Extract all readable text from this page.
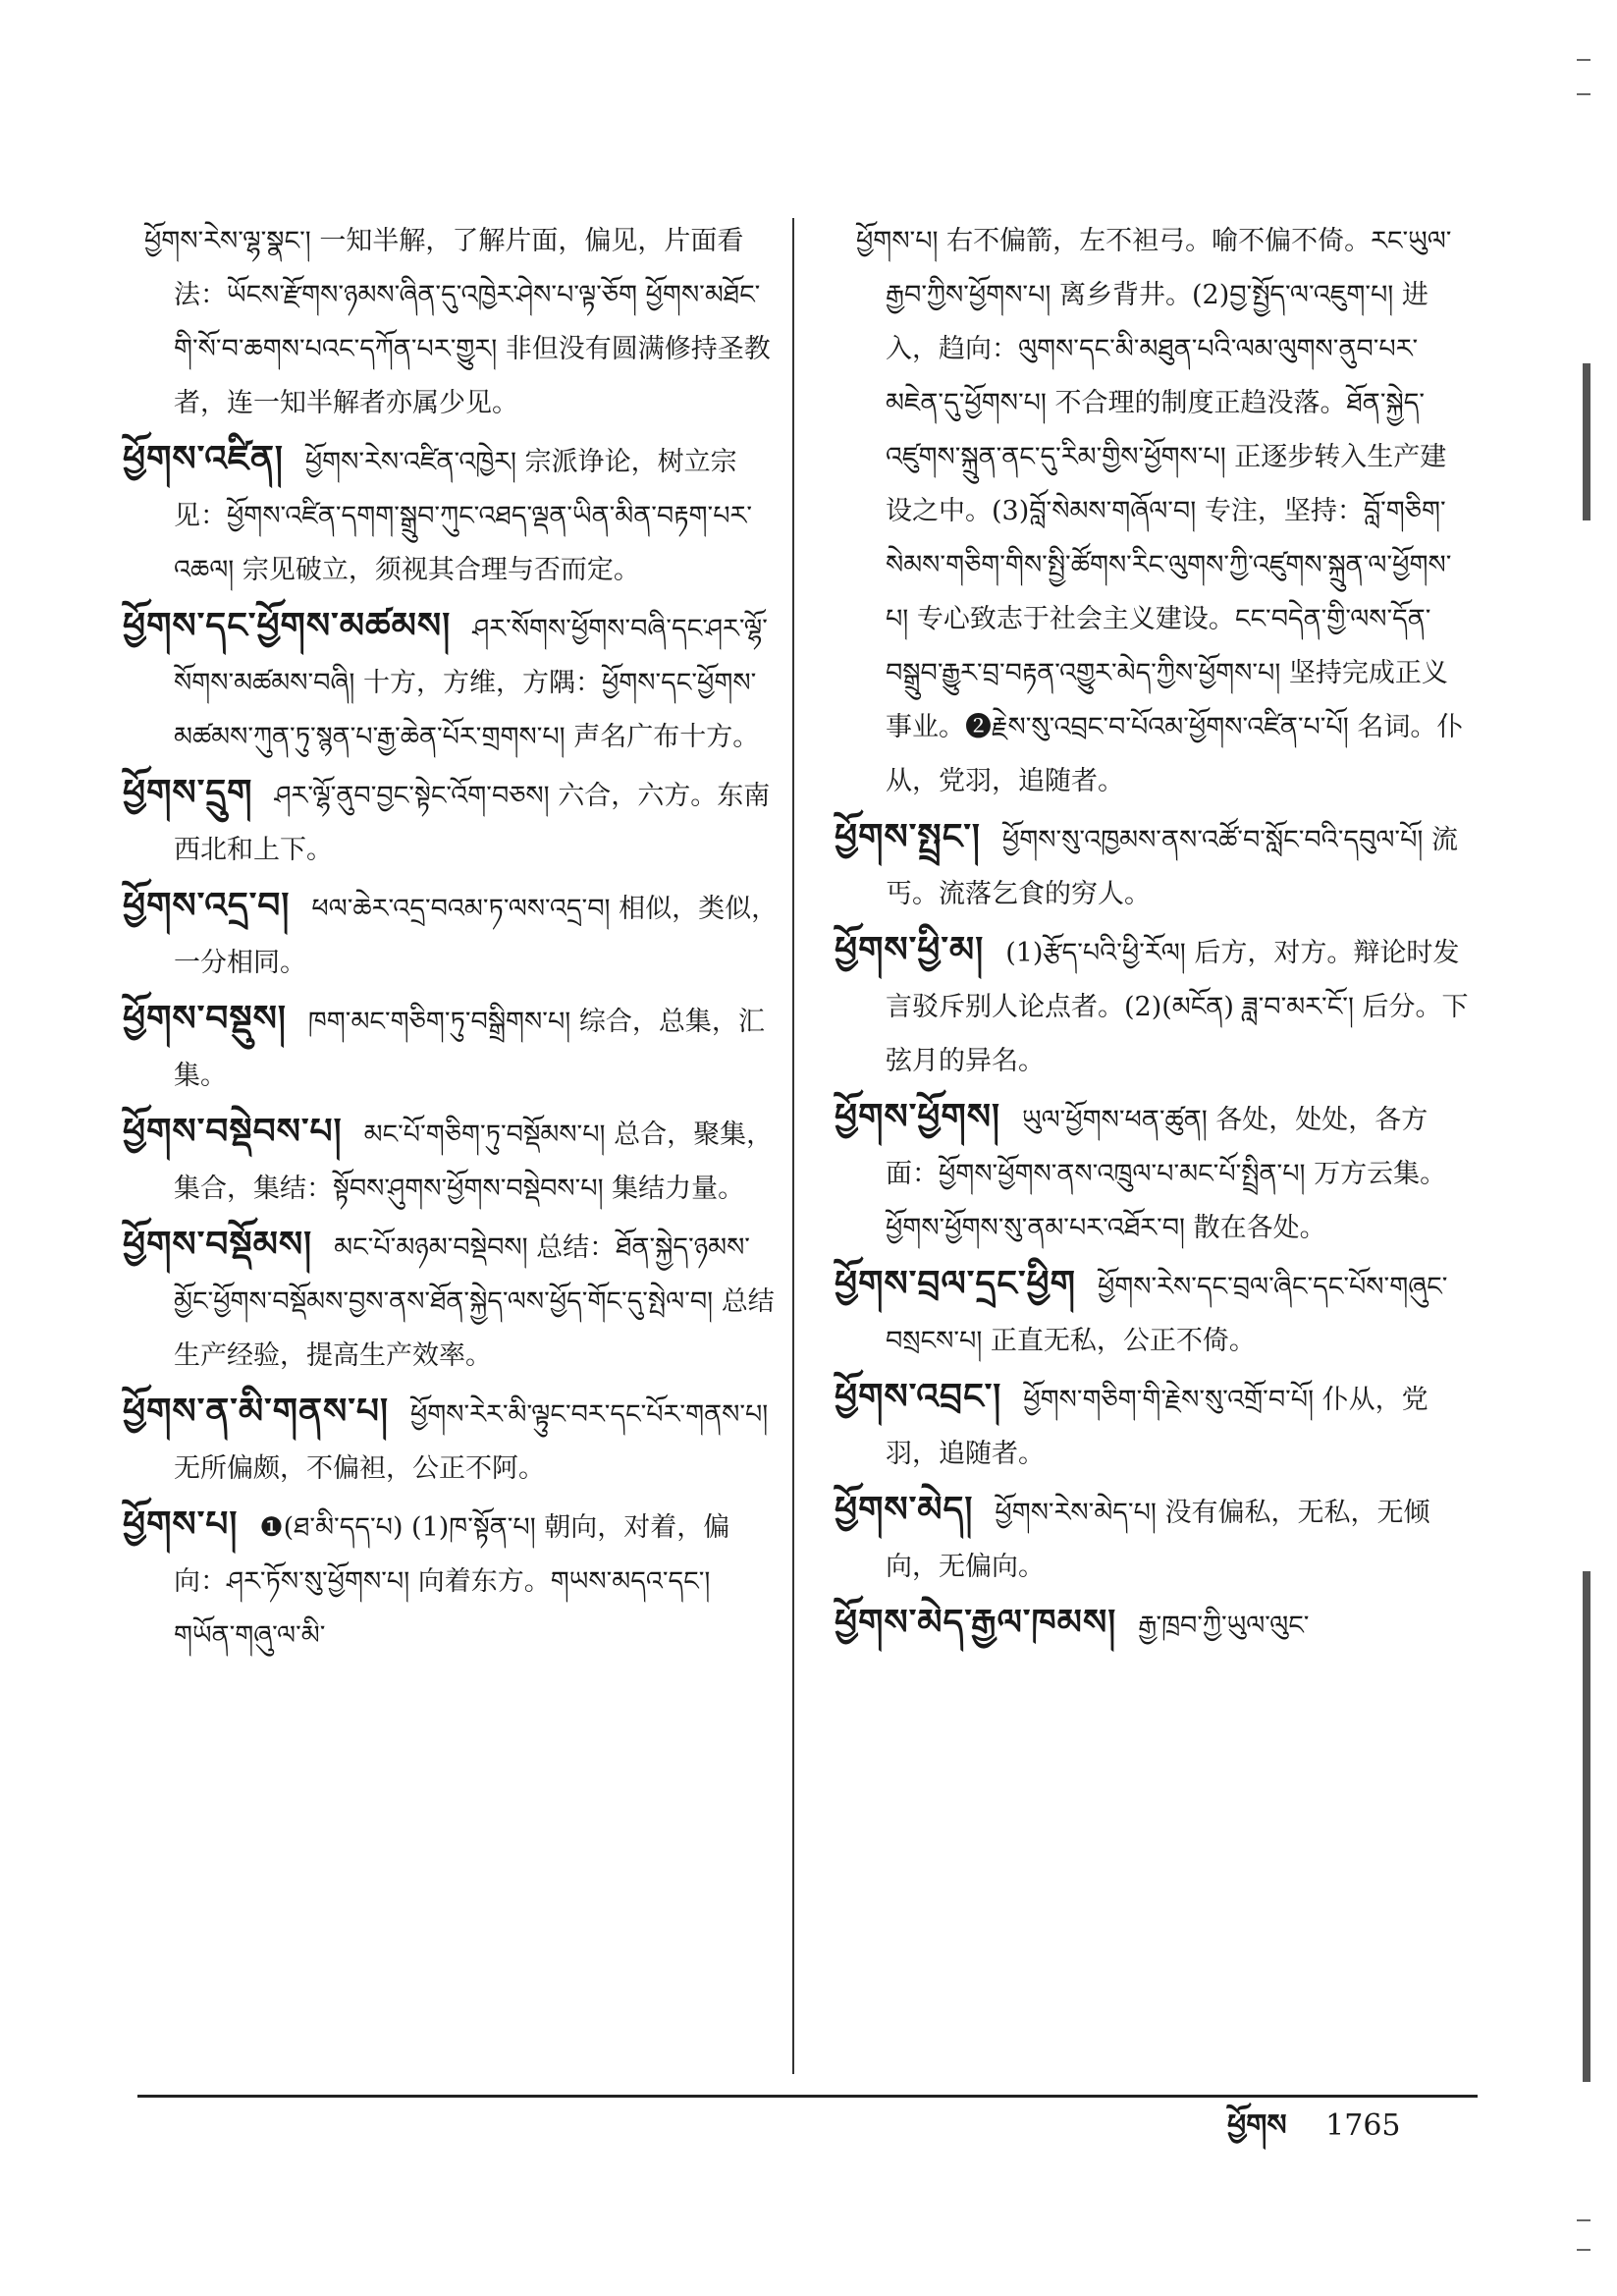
ཕྱོགས་རེས་ལྷ་སྣང་། 一知半解，了解片面，偏见，片面看法：ཡོངས་རྫོགས་ཉམས་ཞིན་དུ་འཁྱེར་ཤེས་པ་ལྟ་ཅོག ཕྱོགས་མཐོང་གི་སོ་བ་ཆགས་པའང་དཀོན་པར་གྱུར། 非但没有圆满修持圣教者，连一知半解者亦属少见。
ཕྱོགས་འཛིན། ཕྱོགས་རེས་འཛིན་འཁྱེར། 宗派诤论，树立宗见：ཕྱོགས་འཛིན་དགག་སྒྲུབ་ཀུང་འཐད་ལྡན་ཡིན་མིན་བརྟག་པར་འཆལ། 宗见破立，须视其合理与否而定。
ཕྱོགས་དང་ཕྱོགས་མཚམས། ཤར་སོགས་ཕྱོགས་བཞི་དང་ཤར་ལྷོ་སོགས་མཚམས་བཞི། 十方，方维，方隅：ཕྱོགས་དང་ཕྱོགས་མཚམས་ཀུན་ཏུ་སྙན་པ་རྒྱ་ཆེན་པོར་གྲགས་པ། 声名广布十方。
ཕྱོགས་དྲུག ཤར་ལྷོ་ནུབ་བྱང་སྟེང་འོག་བཅས། 六合，六方。东南西北和上下。
ཕྱོགས་འདྲ་བ། ཕལ་ཆེར་འདྲ་བའམ་ཏ་ལས་འདྲ་བ། 相似，类似，一分相同。
ཕྱོགས་བསྡུས། ཁག་མང་གཅིག་ཏུ་བསྒྲིགས་པ། 综合，总集，汇集。
ཕྱོགས་བསྡེབས་པ། མང་པོ་གཅིག་ཏུ་བསྡོམས་པ། 总合，聚集，集合，集结：སྟོབས་ཤུགས་ཕྱོགས་བསྡེབས་པ། 集结力量。
ཕྱོགས་བསྡོམས། མང་པོ་མཉམ་བསྡེབས། 总结：ཐོན་སྐྱེད་ཉམས་མྱོང་ཕྱོགས་བསྡོམས་བྱས་ནས་ཐོན་སྐྱེད་ལས་ཕྱོད་གོང་དུ་སྤེལ་བ། 总结生产经验，提高生产效率。
ཕྱོགས་ན་མི་གནས་པ། ཕྱོགས་རེར་མི་ལྟུང་བར་དང་པོར་གནས་པ། 无所偏颇，不偏袒，公正不阿。
ཕྱོགས་པ། ❶(ཐ་མི་དད་པ) (1)ཁ་སྟོན་པ། 朝向，对着，偏向：ཤར་ཏོས་སུ་ཕྱོགས་པ། 向着东方。གཡས་མདའ་དང་། གཡོན་གཞུ་ལ་མི་
ཕྱོགས་པ། 右不偏箭，左不袒弓。喻不偏不倚。རང་ཡུལ་རྒྱབ་ཀྱིས་ཕྱོགས་པ། 离乡背井。(2)བྱ་སྤྱོད་ལ་འཇུག་པ། 进入，趋向：ལུགས་དང་མི་མཐུན་པའི་ལམ་ལུགས་ནུབ་པར་མཇེན་དུ་ཕྱོགས་པ། 不合理的制度正趋没落。ཐོན་སྐྱེད་འཛུགས་སྐྲུན་ནང་དུ་རིམ་གྱིས་ཕྱོགས་པ། 正逐步转入生产建设之中。(3)བློ་སེམས་གཞོལ་བ། 专注，坚持：བློ་གཅིག་སེམས་གཅིག་གིས་སྤྱི་ཚོགས་རིང་ལུགས་ཀྱི་འཛུགས་སྐྲུན་ལ་ཕྱོགས་པ། 专心致志于社会主义建设。ངང་བདེན་གྱི་ལས་དོན་བསྒྲུབ་རྒྱུར་བྲ་བརྟན་འགྱུར་མེད་ཀྱིས་ཕྱོགས་པ། 坚持完成正义事业。❷རྗེས་སུ་འབྲང་བ་པོའམ་ཕྱོགས་འཛིན་པ་པོ། 名词。仆从，党羽，追随者。
ཕྱོགས་སྤྲང་། ཕྱོགས་སུ་འཁྱམས་ནས་འཚོ་བ་སློང་བའི་དབུལ་པོ། 流丐。流落乞食的穷人。
ཕྱོགས་ཕྱི་མ། (1)རྩོད་པའི་ཕྱི་རོལ། 后方，对方。辩论时发言驳斥别人论点者。(2)(མངོན) ཟླ་བ་མར་ངོ་། 后分。下弦月的异名。
ཕྱོགས་ཕྱོགས། ཡུལ་ཕྱོགས་ཕན་ཚུན། 各处，处处，各方面：ཕྱོགས་ཕྱོགས་ནས་འཁྲུལ་པ་མང་པོ་སྤྲིན་པ། 万方云集。ཕྱོགས་ཕྱོགས་སུ་ནམ་པར་འཐོར་བ། 散在各处。
ཕྱོགས་བྲལ་དྲང་ཕྱིག ཕྱོགས་རེས་དང་བྲལ་ཞིང་དང་པོས་གཞུང་བསྲངས་པ། 正直无私，公正不倚。
ཕྱོགས་འབྲང་། ཕྱོགས་གཅིག་གི་རྗེས་སུ་འགྲོ་བ་པོ། 仆从，党羽，追随者。
ཕྱོགས་མེད། ཕྱོགས་རེས་མེད་པ། 没有偏私，无私，无倾向，无偏向。
ཕྱོགས་མེད་རྒྱལ་ཁམས། རྒྱ་ཁྲབ་ཀྱི་ཡུལ་ལུང་
ཕྱོགས 1765
